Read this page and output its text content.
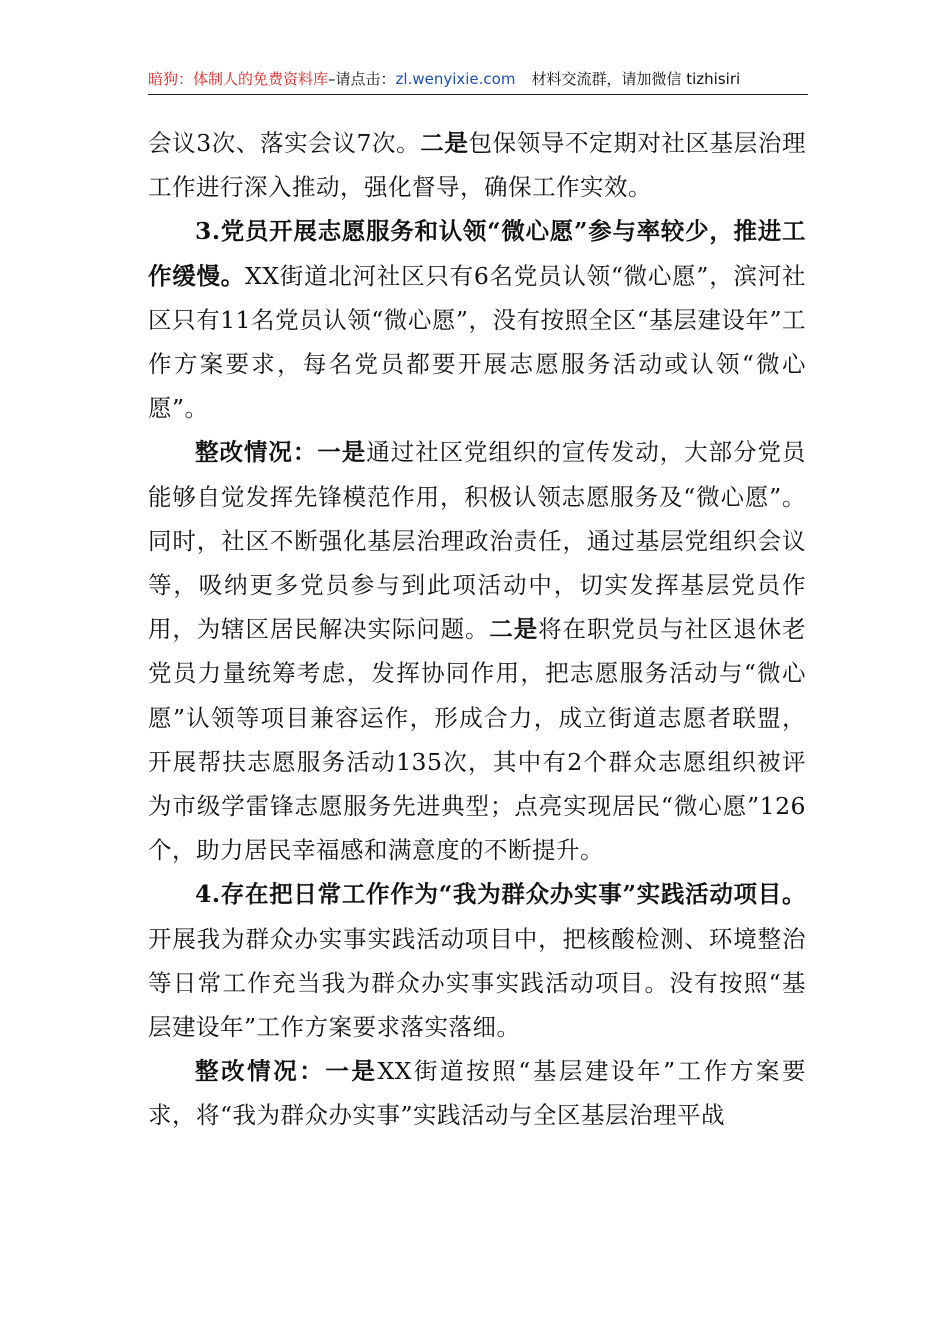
暗狗：体制人的免费资料库–请点击：zl.wenyixie.com 材料交流群，请加微信 tizhisiri

会议3次、落实会议7次。二是包保领导不定期对社区基层治理工作进行深入推动，强化督导，确保工作实效。

3.党员开展志愿服务和认领“微心愿”参与率较少，推进工作缓慢。XX街道北河社区只有6名党员认领“微心愿”，滨河社区只有11名党员认领“微心愿”，没有按照全区“基层建设年”工作方案要求，每名党员都要开展志愿服务活动或认领“微心愿”。

整改情况：一是通过社区党组织的宣传发动，大部分党员能够自觉发挥先锋模范作用，积极认领志愿服务及“微心愿”。同时，社区不断强化基层治理政治责任，通过基层党组织会议等，吸纳更多党员参与到此项活动中，切实发挥基层党员作用，为辖区居民解决实际问题。二是将在职党员与社区退休老党员力量统筹考虑，发挥协同作用，把志愿服务活动与“微心愿”认领等项目兼容运作，形成合力，成立街道志愿者联盟，开展帮扶志愿服务活动135次，其中有2个群众志愿组织被评为市级学雷锋志愿服务先进典型；点亮实现居民“微心愿”126个，助力居民幸福感和满意度的不断提升。

4.存在把日常工作作为“我为群众办实事”实践活动项目。开展我为群众办实事实践活动项目中，把核酸检测、环境整治等日常工作充当我为群众办实事实践活动项目。没有按照“基层建设年”工作方案要求落实落细。

整改情况：一是XX街道按照“基层建设年”工作方案要求，将“我为群众办实事”实践活动与全区基层治理平战
